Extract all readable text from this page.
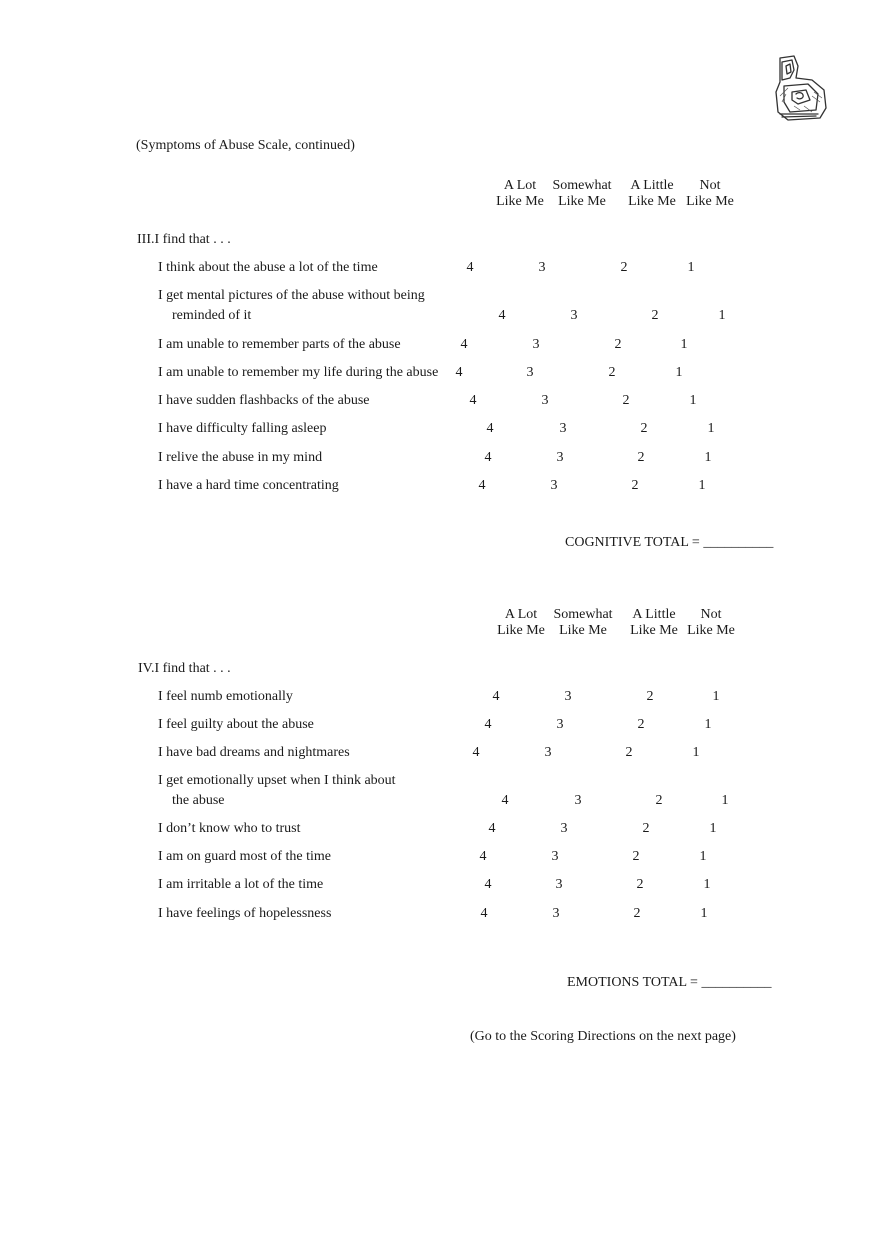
(Symptoms of Abuse Scale, continued)
A Lot
Like Me
Somewhat
Like Me
A Little
Like Me
Not
Like Me
III.I find that . . .
I think about the abuse a lot of the time	4	3	2	1
I get mental pictures of the abuse without being
reminded of it	4	3	2	1
I am unable to remember parts of the abuse	4	3	2	1
I am unable to remember my life during the abuse 4	3	2	1
I have sudden flashbacks of the abuse	4	3	2	1
I have difficulty falling asleep	4	3	2	1
I relive the abuse in my mind	4	3	2	1
I have a hard time concentrating	4	3	2	1
COGNITIVE TOTAL = __________
A Lot
Like Me
Somewhat
Like Me
A Little
Like Me
Not
Like Me
IV.I find that . . .
I feel numb emotionally	4	3	2	1
I feel guilty about the abuse	4	3	2	1
I have bad dreams and nightmares	4	3	2	1
I get emotionally upset when I think about
the abuse	4	3	2	1
I don’t know who to trust	4	3	2	1
I am on guard most of the time	4	3	2	1
I am irritable a lot of the time	4	3	2	1
I have feelings of hopelessness	4	3	2	1
EMOTIONS TOTAL = __________
(Go to the Scoring Directions on the next page)
